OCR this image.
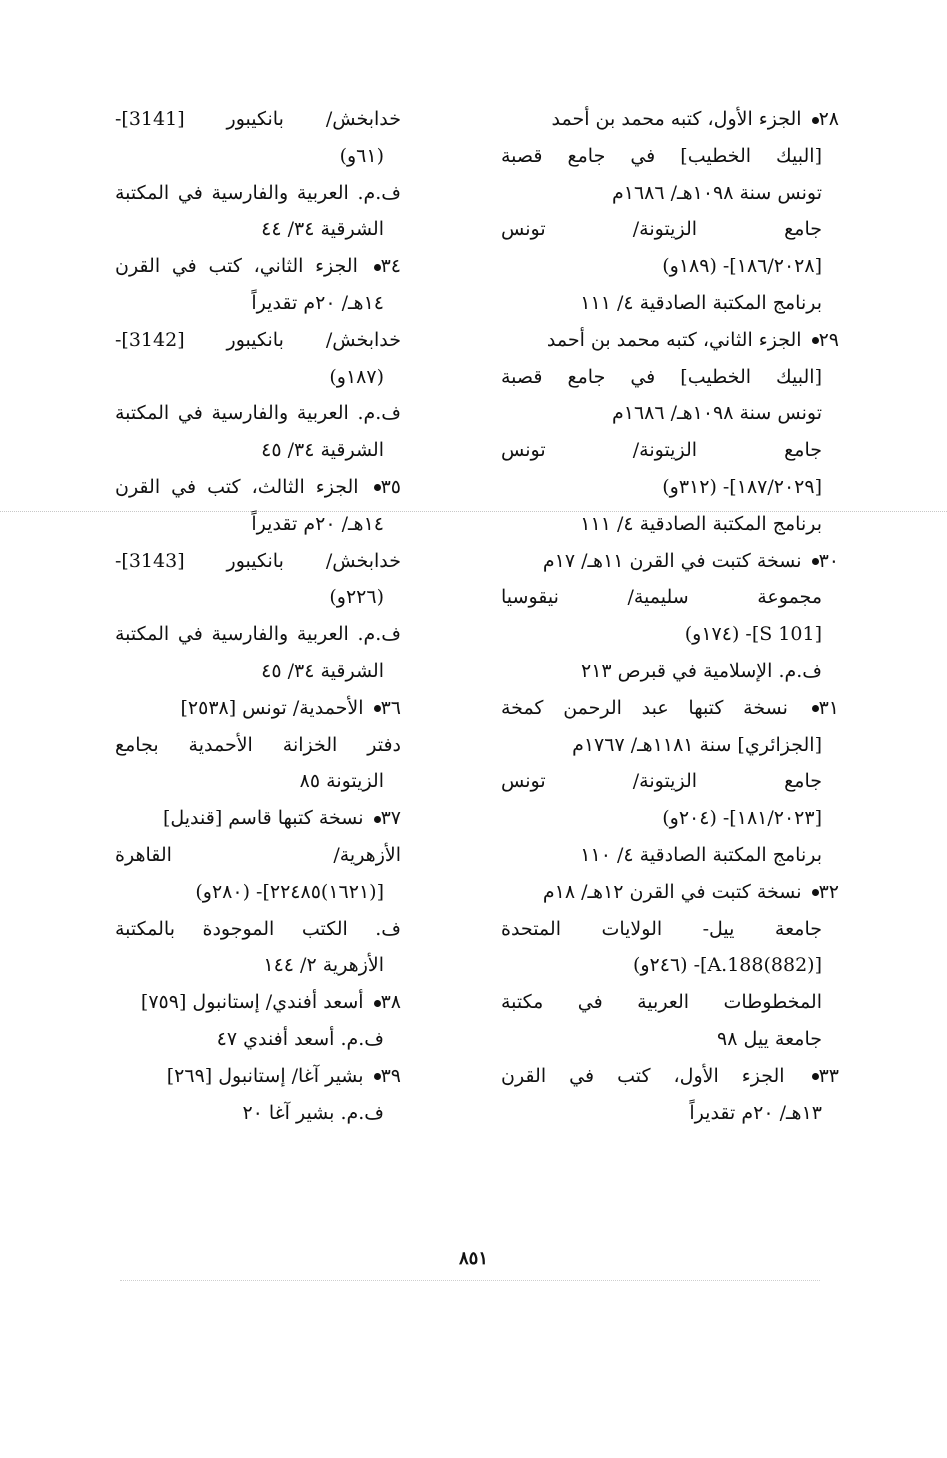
٢٨ الجزء الأول، كتبه محمد بن أحمد
[البيك الخطيب] في جامع قصبة
تونس سنة ١٠٩٨هـ/ ١٦٨٦م
جامع الزيتونة/ تونس
[١٨٦/٢٠٢٨]- (١٨٩و)
برنامج المكتبة الصادقية ٤/ ١١١
٢٩ الجزء الثاني، كتبه محمد بن أحمد
[البيك الخطيب] في جامع قصبة
تونس سنة ١٠٩٨هـ/ ١٦٨٦م
جامع الزيتونة/ تونس
[١٨٧/٢٠٢٩]- (٣١٢و)
برنامج المكتبة الصادقية ٤/ ١١١
٣٠ نسخة كتبت في القرن ١١هـ/ ١٧م
مجموعة سليمية/ نيقوسيا
[S 101]- (١٧٤و)
ف.م. الإسلامية في قبرص ٢١٣
٣١ نسخة كتبها عبد الرحمن كمخة
[الجزائري] سنة ١١٨١هـ/ ١٧٦٧م
جامع الزيتونة/ تونس
[١٨١/٢٠٢٣]- (٢٠٤و)
برنامج المكتبة الصادقية ٤/ ١١٠
٣٢ نسخة كتبت في القرن ١٢هـ/ ١٨م
جامعة ييل- الولايات المتحدة
[A.188(882)]- (٢٤٦و)
المخطوطات العربية في مكتبة
جامعة ييل ٩٨
٣٣ الجزء الأول، كتب في القرن
١٣هـ/ ٢٠م تقديراً
خدابخش/ بانكيبور [3141]-
(٦١و)
ف.م. العربية والفارسية في المكتبة
الشرقية ٣٤/ ٤٤
٣٤ الجزء الثاني، كتب في القرن
١٤هـ/ ٢٠م تقديراً
خدابخش/ بانكيبور [3142]-
(١٨٧و)
ف.م. العربية والفارسية في المكتبة
الشرقية ٣٤/ ٤٥
٣٥ الجزء الثالث، كتب في القرن
١٤هـ/ ٢٠م تقديراً
خدابخش/ بانكيبور [3143]-
(٢٢٦و)
ف.م. العربية والفارسية في المكتبة
الشرقية ٣٤/ ٤٥
٣٦ الأحمدية/ تونس [٢٥٣٨]
دفتر الخزانة الأحمدية بجامع
الزيتونة ٨٥
٣٧ نسخة كتبها قاسم [قنديل]
الأزهرية/ القاهرة
[(١٦٢١)٢٢٤٨٥]- (٢٨٠و)
ف. الكتب الموجودة بالمكتبة
الأزهرية ٢/ ١٤٤
٣٨ أسعد أفندي/ إستانبول [٧٥٩]
ف.م. أسعد أفندي ٤٧
٣٩ بشير آغا/ إستانبول [٢٦٩]
ف.م. بشير آغا ٢٠
٨٥١
